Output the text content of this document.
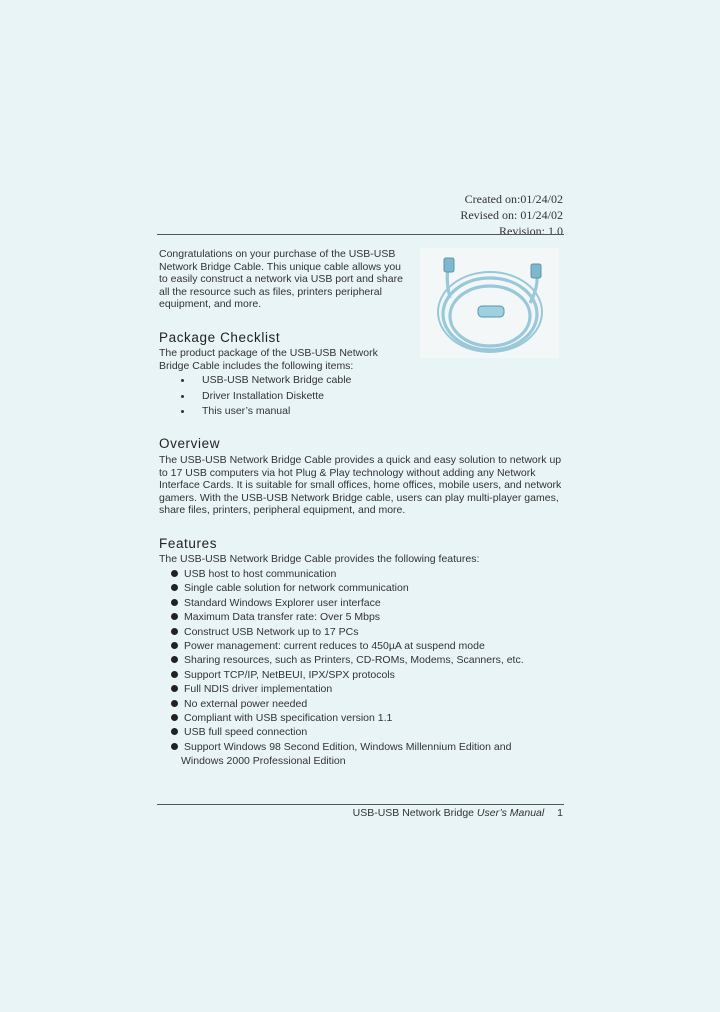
Created on:01/24/02
Revised on: 01/24/02
Revision: 1.0

Congratulations on your purchase of the USB-USB Network Bridge Cable. This unique cable allows you to easily construct a network via USB port and share all the resource such as files, printers peripheral equipment, and more.

Package Checklist

The product package of the USB-USB Network Bridge Cable includes the following items:

USB-USB Network Bridge cable
Driver Installation Diskette
This user’s manual
Overview

The USB-USB Network Bridge Cable provides a quick and easy solution to network up to 17 USB computers via hot Plug & Play technology without adding any Network Interface Cards. It is suitable for small offices, home offices, mobile users, and network gamers. With the USB-USB Network Bridge cable, users can play multi-player games, share files, printers, peripheral equipment, and more.

Features

The USB-USB Network Bridge Cable provides the following features:

USB host to host communication
Single cable solution for network communication
Standard Windows Explorer user interface
Maximum Data transfer rate: Over 5 Mbps
Construct USB Network up to 17 PCs
Power management: current reduces to 450µA at suspend mode
Sharing resources, such as Printers, CD-ROMs, Modems, Scanners, etc.
Support TCP/IP, NetBEUI, IPX/SPX protocols
Full NDIS driver implementation
No external power needed
Compliant with USB specification version 1.1
USB full speed connection
Support Windows 98 Second Edition, Windows Millennium Edition and
Windows 2000 Professional Edition
USB-USB Network Bridge User’s Manual 1
